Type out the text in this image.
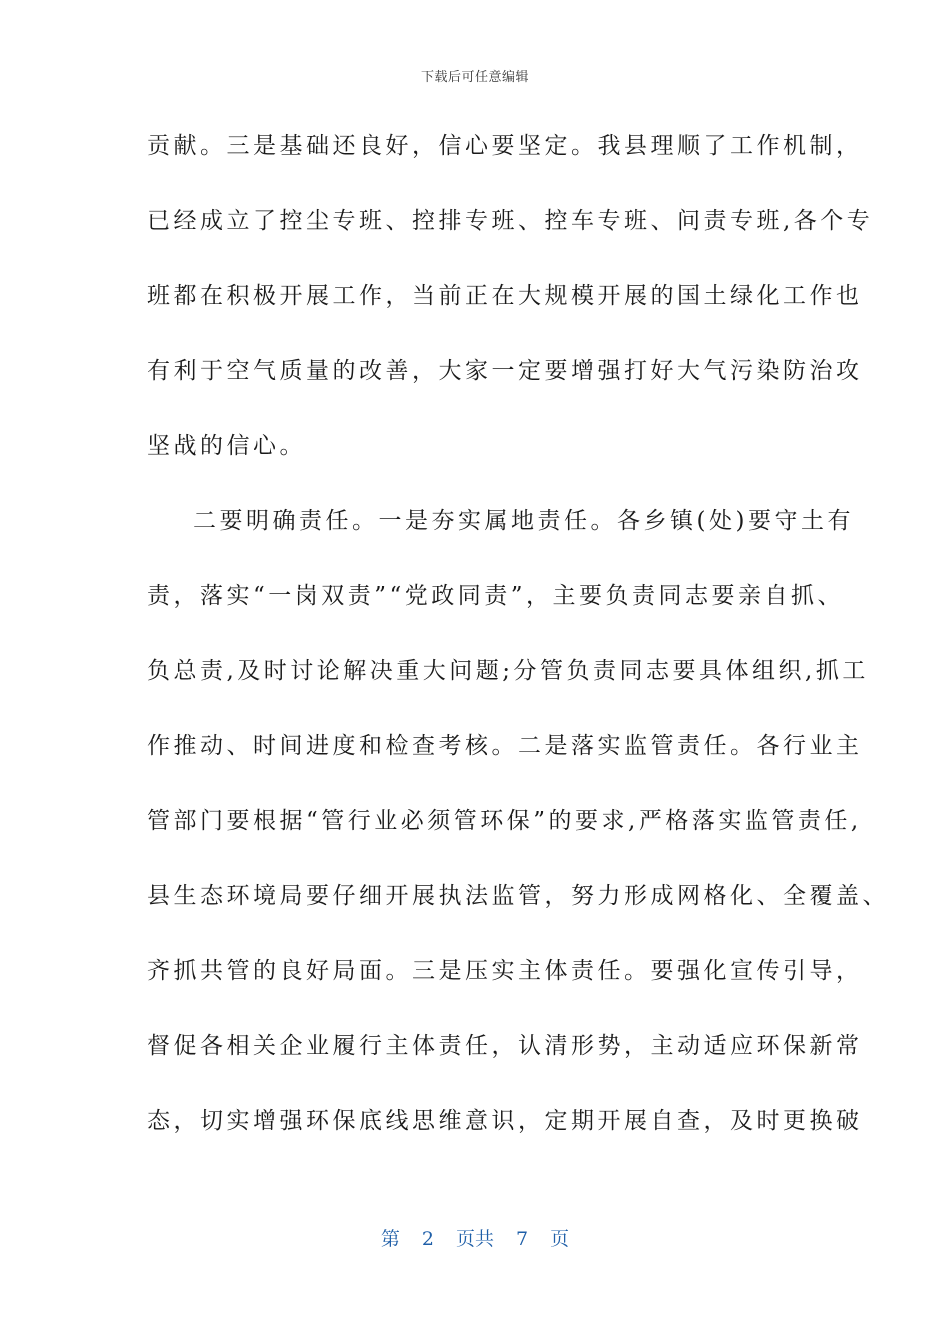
下载后可任意编辑
贡献。三是基础还良好，信心要坚定。我县理顺了工作机制，
已经成立了控尘专班、控排专班、控车专班、问责专班,各个专
班都在积极开展工作，当前正在大规模开展的国土绿化工作也
有利于空气质量的改善，大家一定要增强打好大气污染防治攻
坚战的信心。
二要明确责任。一是夯实属地责任。各乡镇(处)要守土有
责，落实“一岗双责”“党政同责”，主要负责同志要亲自抓、
负总责,及时讨论解决重大问题;分管负责同志要具体组织,抓工
作推动、时间进度和检查考核。二是落实监管责任。各行业主
管部门要根据“管行业必须管环保”的要求,严格落实监管责任,
县生态环境局要仔细开展执法监管，努力形成网格化、全覆盖、
齐抓共管的良好局面。三是压实主体责任。要强化宣传引导，
督促各相关企业履行主体责任，认清形势，主动适应环保新常
态，切实增强环保底线思维意识，定期开展自查，及时更换破
第 2 页共 7 页
